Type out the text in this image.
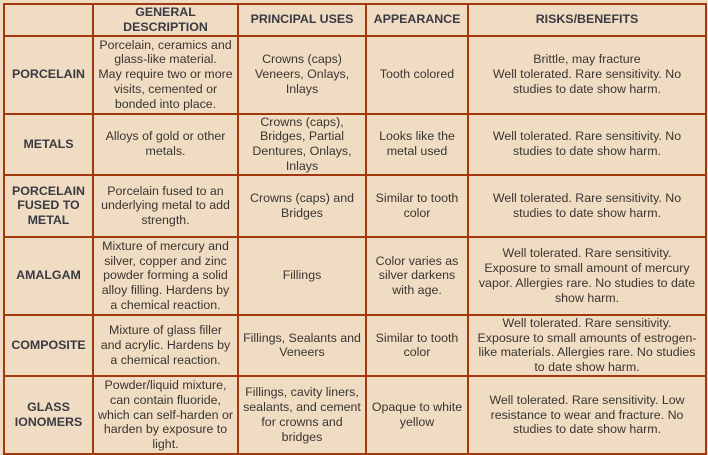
	GENERAL
DESCRIPTION	PRINCIPAL USES	APPEARANCE	RISKS/BENEFITS

PORCELAIN	Porcelain, ceramics and
glass-like material.
May require two or more
visits, cemented or
bonded into place.	Crowns (caps)
Veneers, Onlays,
Inlays	Tooth colored	Brittle, may fracture
Well tolerated. Rare sensitivity. No
studies to date show harm.

METALS	Alloys of gold or other
metals.	Crowns (caps),
Bridges, Partial
Dentures, Onlays,
Inlays	Looks like the
metal used	Well tolerated. Rare sensitivity. No
studies to date show harm.

PORCELAIN
FUSED TO
METAL	Porcelain fused to an
underlying metal to add
strength.	Crowns (caps) and
Bridges	Similar to tooth
color	Well tolerated. Rare sensitivity. No
studies to date show harm.

AMALGAM	Mixture of mercury and
silver, copper and zinc
powder forming a solid
alloy filling. Hardens by
a chemical reaction.	Fillings	Color varies as
silver darkens
with age.	Well tolerated. Rare sensitivity.
Exposure to small amount of mercury
vapor. Allergies rare. No studies to date
show harm.

COMPOSITE	Mixture of glass filler
and acrylic. Hardens by
a chemical reaction.	Fillings, Sealants and
Veneers	Similar to tooth
color	Well tolerated. Rare sensitivity.
Exposure to small amounts of estrogen-
like materials. Allergies rare. No studies
to date show harm.

GLASS
IONOMERS	Powder/liquid mixture,
can contain fluoride,
which can self-harden or
harden by exposure to
light.	Fillings, cavity liners,
sealants, and cement
for crowns and
bridges	Opaque to white
yellow	Well tolerated. Rare sensitivity. Low
resistance to wear and fracture. No
studies to date show harm.
